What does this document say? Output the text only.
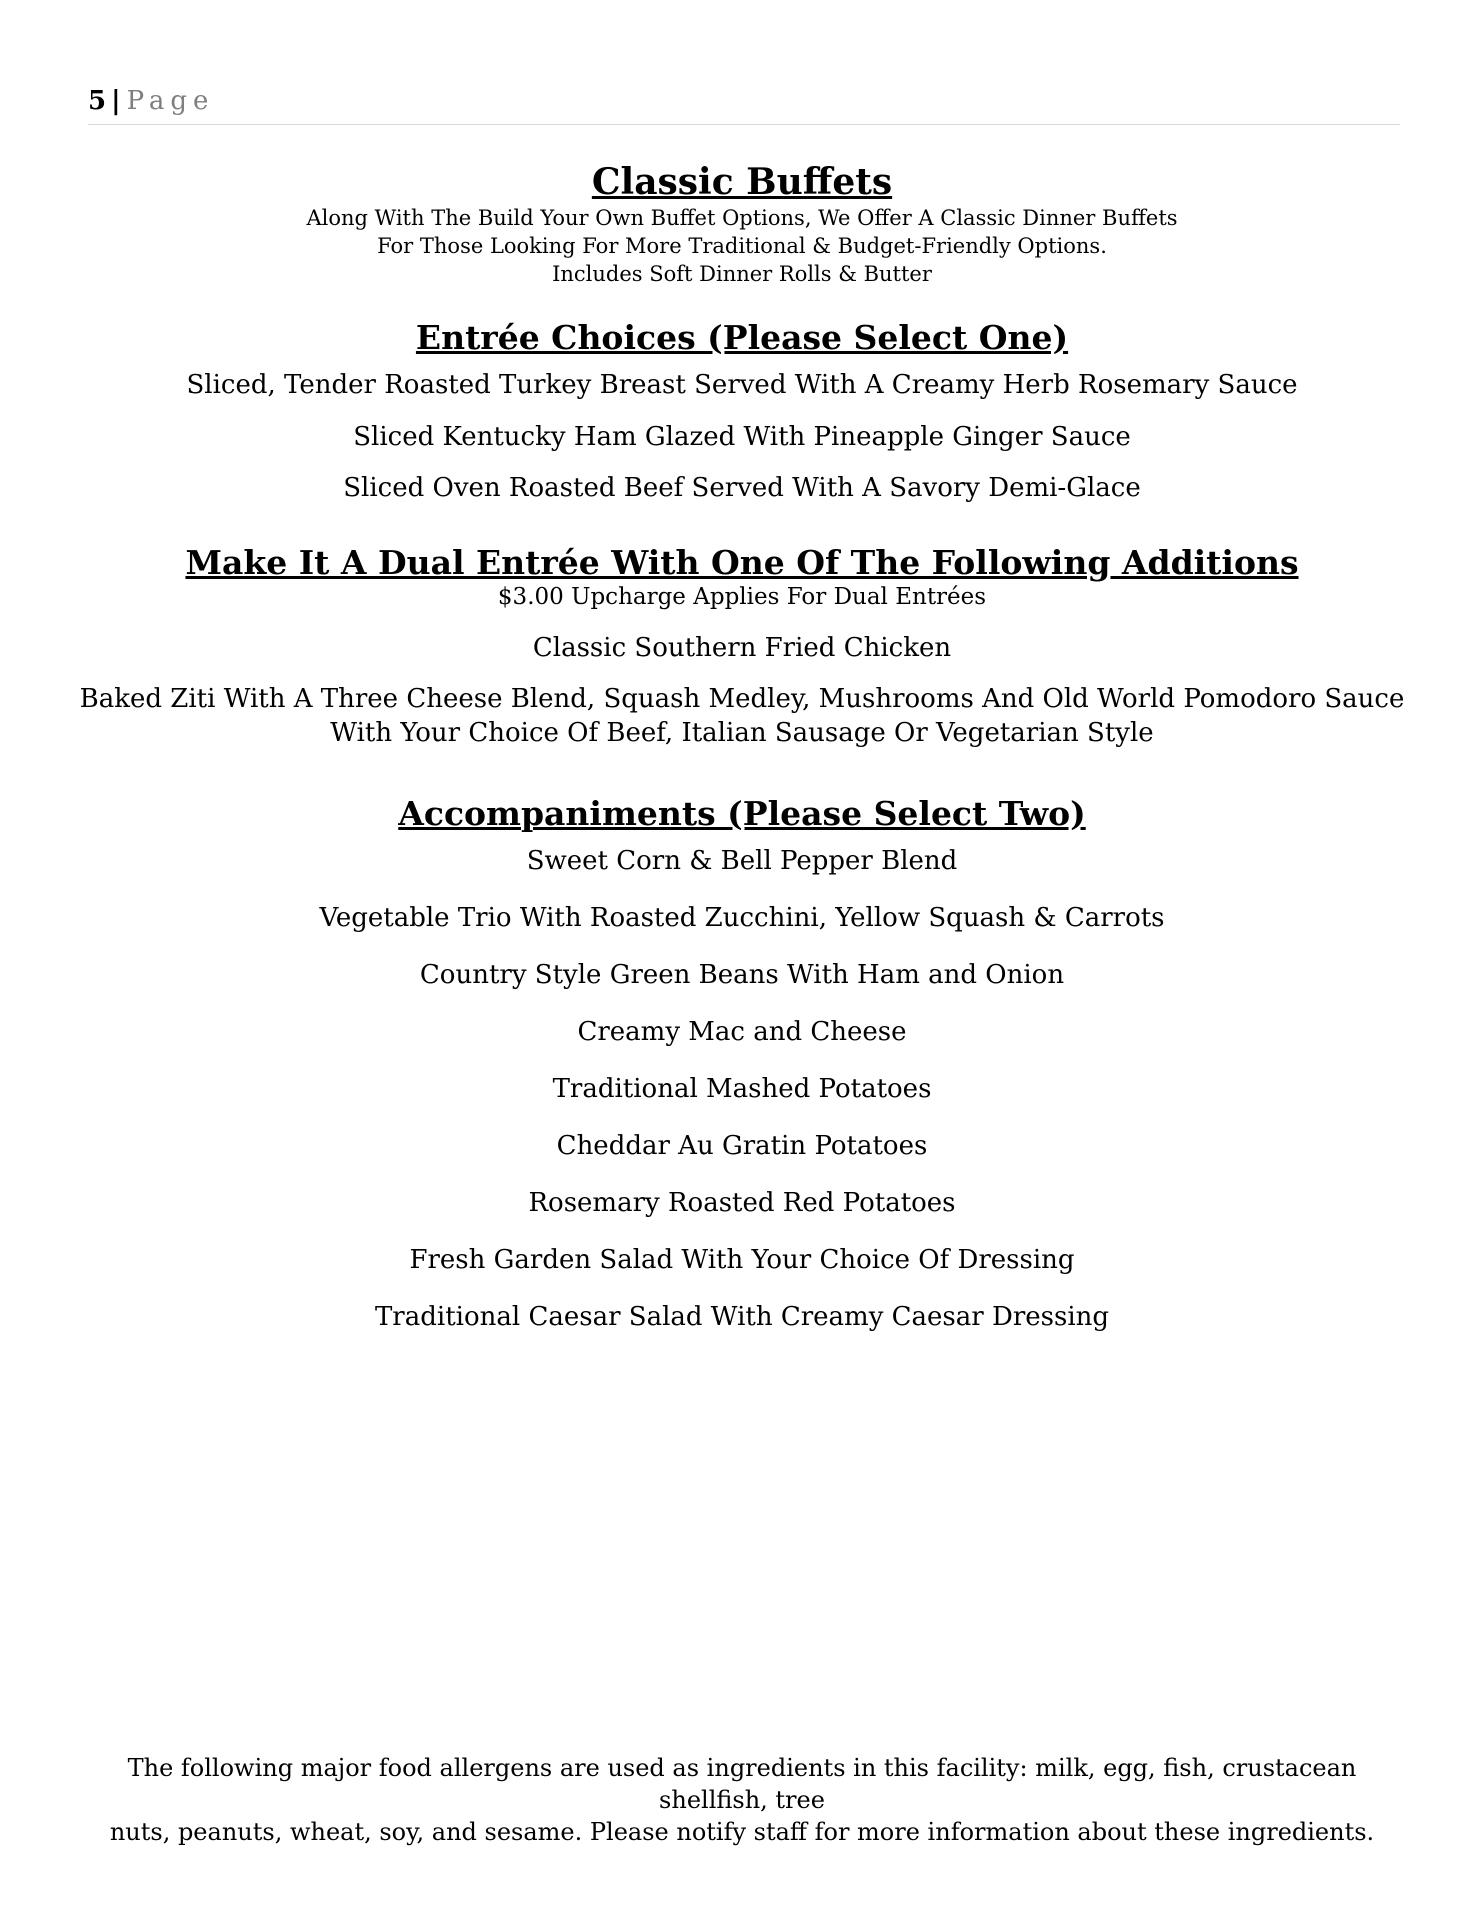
5 | Page

Classic Buffets

Along With The Build Your Own Buffet Options, We Offer A Classic Dinner Buffets

For Those Looking For More Traditional & Budget-Friendly Options.

Includes Soft Dinner Rolls & Butter

Entrée Choices (Please Select One)

Sliced, Tender Roasted Turkey Breast Served With A Creamy Herb Rosemary Sauce

Sliced Kentucky Ham Glazed With Pineapple Ginger Sauce

Sliced Oven Roasted Beef Served With A Savory Demi-Glace

Make It A Dual Entrée With One Of The Following Additions

$3.00 Upcharge Applies For Dual Entrées

Classic Southern Fried Chicken

Baked Ziti With A Three Cheese Blend, Squash Medley, Mushrooms And Old World Pomodoro Sauce

With Your Choice Of Beef, Italian Sausage Or Vegetarian Style

Accompaniments (Please Select Two)

Sweet Corn & Bell Pepper Blend

Vegetable Trio With Roasted Zucchini, Yellow Squash & Carrots

Country Style Green Beans With Ham and Onion

Creamy Mac and Cheese

Traditional Mashed Potatoes

Cheddar Au Gratin Potatoes

Rosemary Roasted Red Potatoes

Fresh Garden Salad With Your Choice Of Dressing

Traditional Caesar Salad With Creamy Caesar Dressing

The following major food allergens are used as ingredients in this facility: milk, egg, fish, crustacean shellfish, tree
nuts, peanuts, wheat, soy, and sesame. Please notify staff for more information about these ingredients.
